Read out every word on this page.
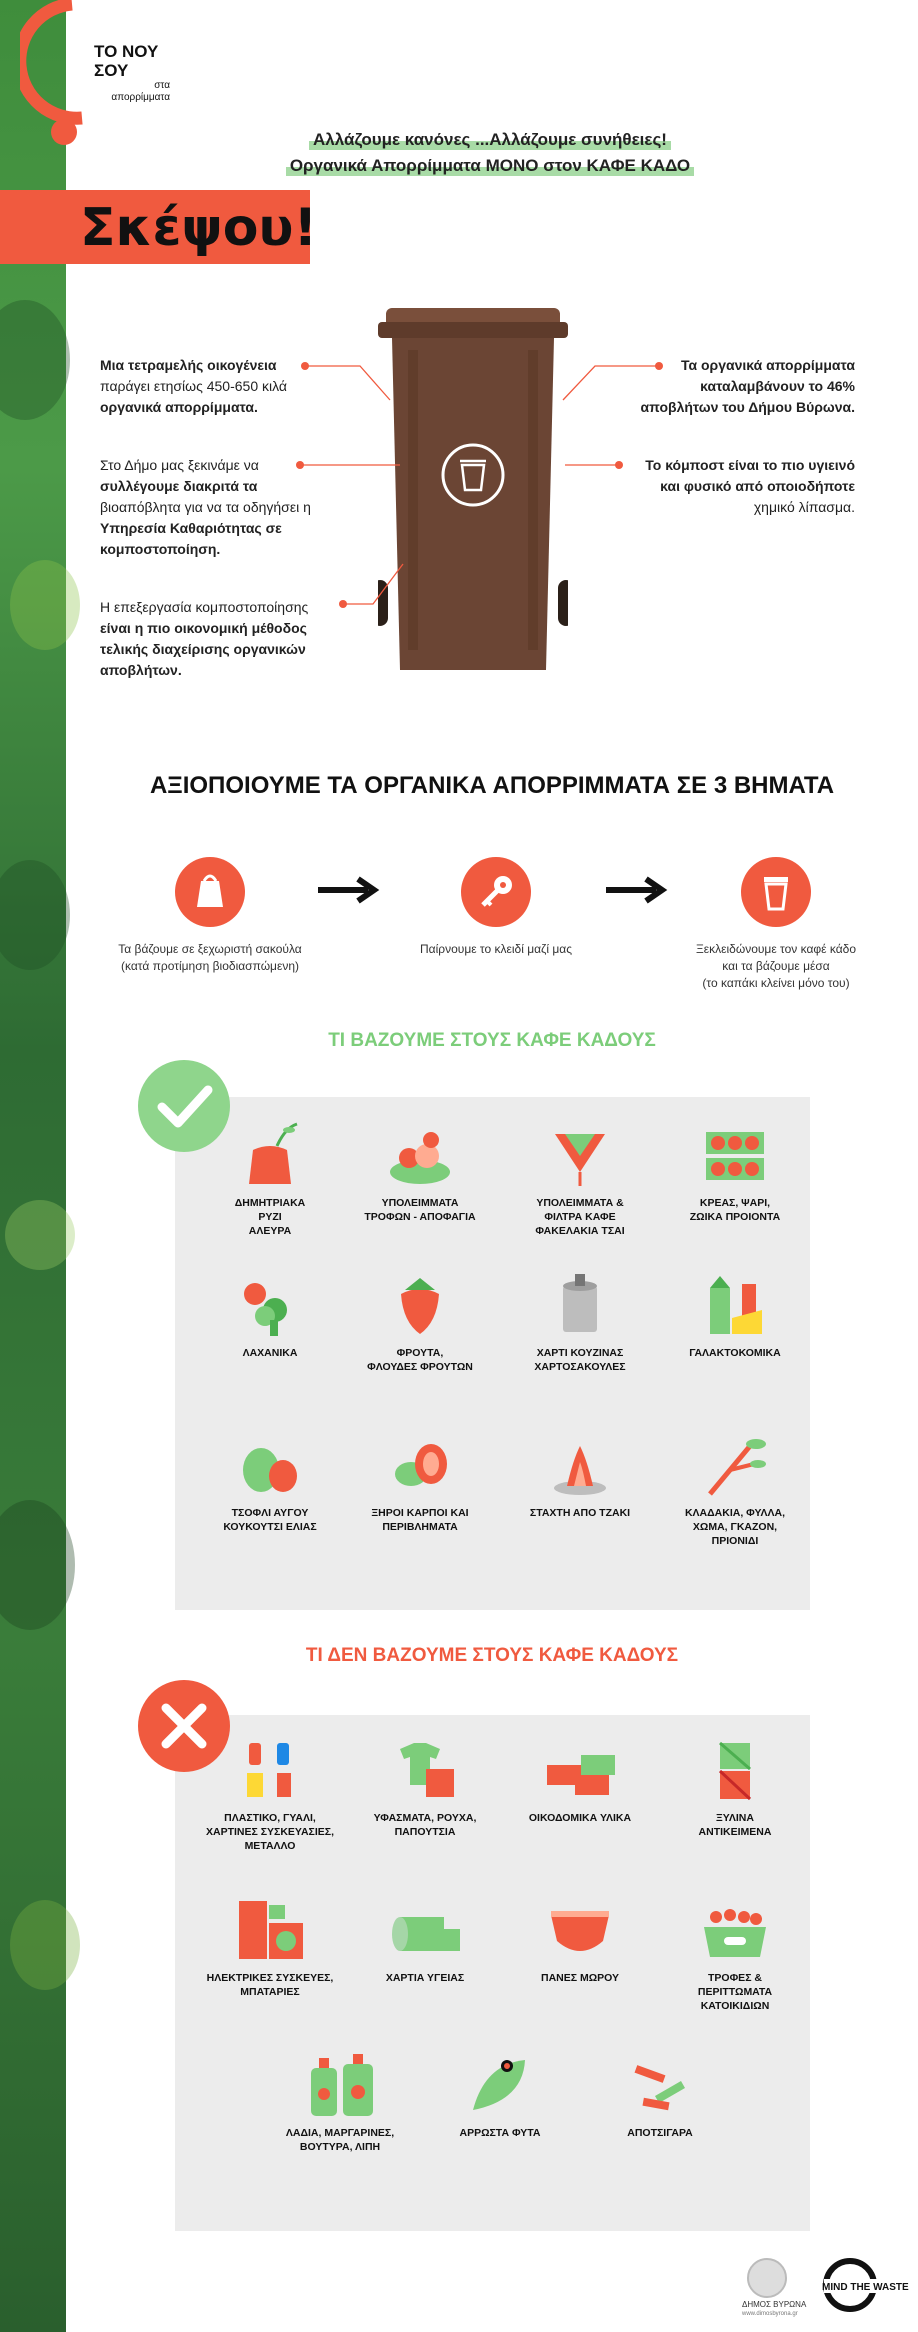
ΤΟ ΝΟΥ ΣΟΥ
στα απορρίμματα
Αλλάζουμε κανόνες ...Αλλάζουμε συνήθειες!
Οργανικά Απορρίμματα ΜΟΝΟ στον ΚΑΦΕ ΚΑΔΟ
Σκέψου!
Μια τετραμελής οικογένεια
παράγει ετησίως 450-650 κιλά
οργανικά απορρίμματα.
Στο Δήμο μας ξεκινάμε να
συλλέγουμε διακριτά τα
βιοαπόβλητα για να τα οδηγήσει η
Υπηρεσία Καθαριότητας σε
κομποστοποίηση.
Η επεξεργασία κομποστοποίησης
είναι η πιο οικονομική μέθοδος
τελικής διαχείρισης οργανικών
αποβλήτων.
Τα οργανικά απορρίμματα
καταλαμβάνουν το 46%
αποβλήτων του Δήμου Βύρωνα.
Το κόμποστ είναι το πιο υγιεινό
και φυσικό από οποιοδήποτε
χημικό λίπασμα.
ΑΞΙΟΠΟΙΟΥΜΕ ΤΑ ΟΡΓΑΝΙΚΑ ΑΠΟΡΡΙΜΜΑΤΑ ΣΕ 3 ΒΗΜΑΤΑ
Τα βάζουμε σε ξεχωριστή σακούλα
(κατά προτίμηση βιοδιασπώμενη)
Παίρνουμε το κλειδί μαζί μας	Ξεκλειδώνουμε τον καφέ κάδο
και τα βάζουμε μέσα
(το καπάκι κλείνει μόνο του)
ΤΙ ΒΑΖΟΥΜΕ ΣΤΟΥΣ ΚΑΦΕ ΚΑΔΟΥΣ
ΔΗΜΗΤΡΙΑΚΑ
ΡΥΖΙ
ΑΛΕΥΡΑ
ΥΠΟΛΕΙΜΜΑΤΑ
ΤΡΟΦΩΝ - ΑΠΟΦΑΓΙΑ
ΥΠΟΛΕΙΜΜΑΤΑ &
ΦΙΛΤΡΑ ΚΑΦΕ
ΦΑΚΕΛΑΚΙΑ ΤΣΑΙ
ΚΡΕΑΣ, ΨΑΡΙ,
ΖΩΙΚΑ ΠΡΟΙΟΝΤΑ
ΛΑΧΑΝΙΚΑ	ΦΡΟΥΤΑ,
ΦΛΟΥΔΕΣ ΦΡΟΥΤΩΝ
ΧΑΡΤΙ ΚΟΥΖΙΝΑΣ
ΧΑΡΤΟΣΑΚΟΥΛΕΣ
ΓΑΛΑΚΤΟΚΟΜΙΚΑ
ΤΣΟΦΛΙ ΑΥΓΟΥ
ΚΟΥΚΟΥΤΣΙ ΕΛΙΑΣ
ΞΗΡΟΙ ΚΑΡΠΟΙ ΚΑΙ
ΠΕΡΙΒΛΗΜΑΤΑ
ΣΤΑΧΤΗ ΑΠΟ ΤΖΑΚΙ	ΚΛΑΔΑΚΙΑ, ΦΥΛΛΑ,
ΧΩΜΑ, ΓΚΑΖΟΝ,
ΠΡΙΟΝΙΔΙ
ΤΙ ΔΕΝ ΒΑΖΟΥΜΕ ΣΤΟΥΣ ΚΑΦΕ ΚΑΔΟΥΣ
ΠΛΑΣΤΙΚΟ, ΓΥΑΛΙ,
ΧΑΡΤΙΝΕΣ ΣΥΣΚΕΥΑΣΙΕΣ,
ΜΕΤΑΛΛΟ
ΥΦΑΣΜΑΤΑ, ΡΟΥΧΑ,
ΠΑΠΟΥΤΣΙΑ
ΟΙΚΟΔΟΜΙΚΑ ΥΛΙΚΑ	ΞΥΛΙΝΑ
ΑΝΤΙΚΕΙΜΕΝΑ
ΗΛΕΚΤΡΙΚΕΣ ΣΥΣΚΕΥΕΣ,
ΜΠΑΤΑΡΙΕΣ
ΧΑΡΤΙΑ ΥΓΕΙΑΣ	ΠΑΝΕΣ ΜΩΡΟΥ	ΤΡΟΦΕΣ &
ΠΕΡΙΤΤΩΜΑΤΑ
ΚΑΤΟΙΚΙΔΙΩΝ
ΛΑΔΙΑ, ΜΑΡΓΑΡΙΝΕΣ,
ΒΟΥΤΥΡΑ, ΛΙΠΗ
ΑΡΡΩΣΤΑ ΦΥΤΑ	ΑΠΟΤΣΙΓΑΡΑ
ΔΗΜΟΣ ΒΥΡΩΝΑ
www.dimosbyrona.gr
MIND THE WASTE
